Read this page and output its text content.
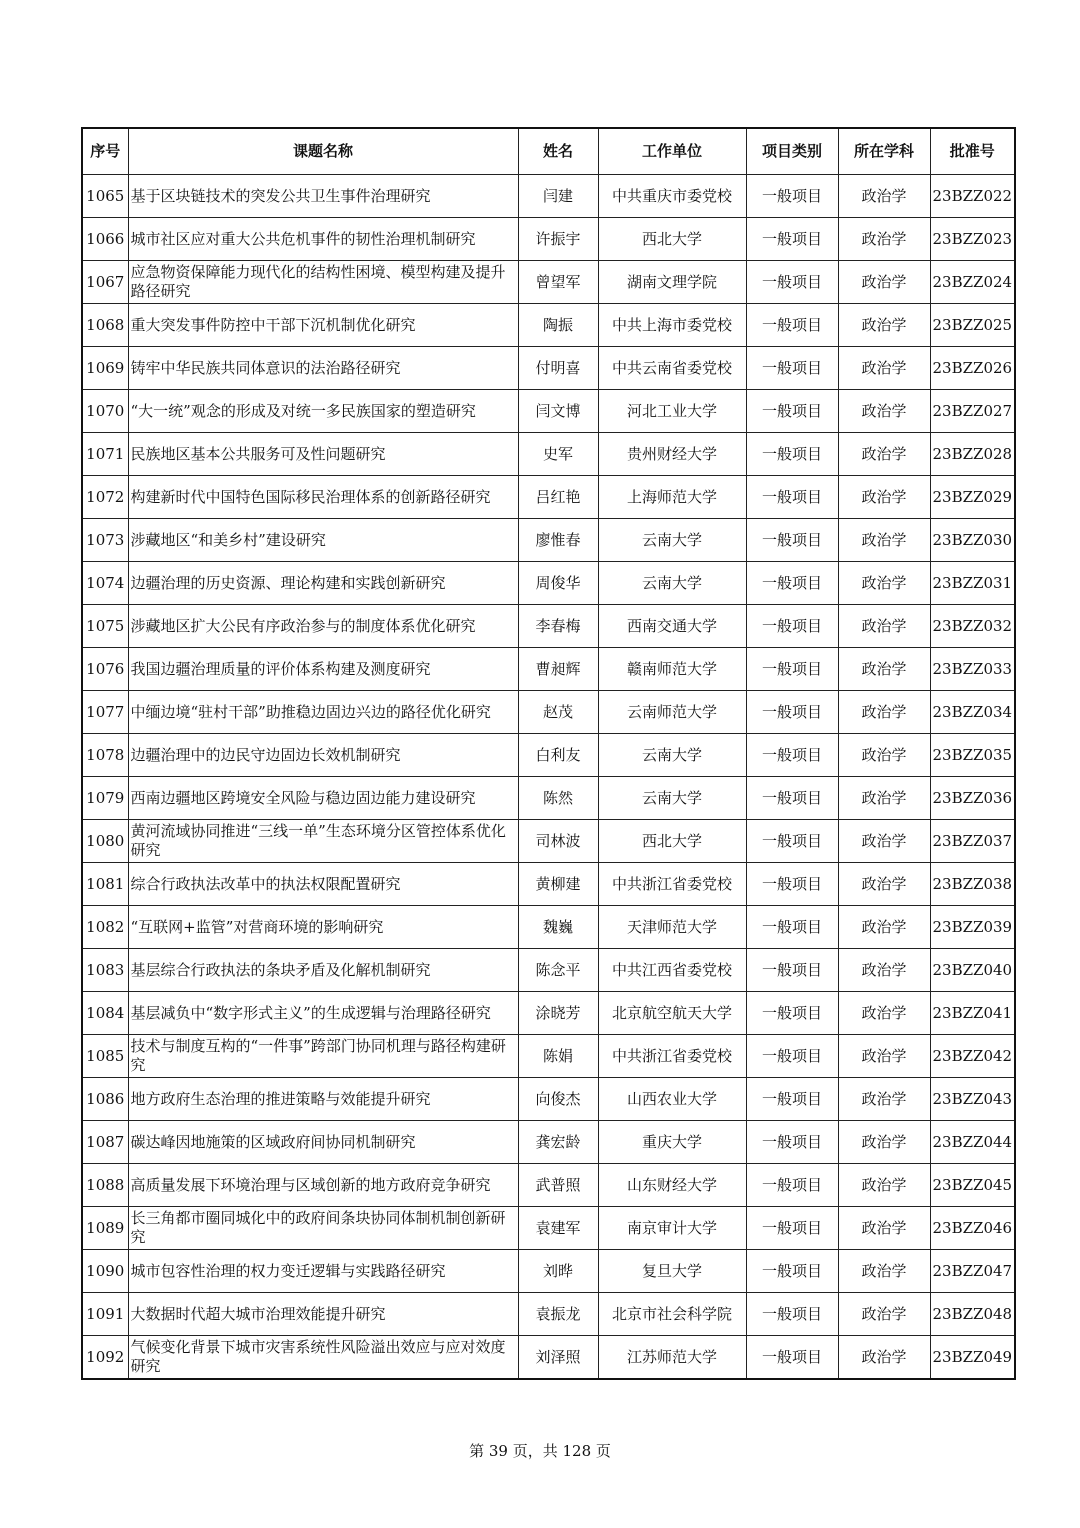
序号	课题名称	姓名	工作单位	项目类别	所在学科	批准号
1065	基于区块链技术的突发公共卫生事件治理研究	闫建	中共重庆市委党校	一般项目	政治学	23BZZ022
1066	城市社区应对重大公共危机事件的韧性治理机制研究	许振宇	西北大学	一般项目	政治学	23BZZ023
1067	应急物资保障能力现代化的结构性困境、模型构建及提升路径研究	曾望军	湖南文理学院	一般项目	政治学	23BZZ024
1068	重大突发事件防控中干部下沉机制优化研究	陶振	中共上海市委党校	一般项目	政治学	23BZZ025
1069	铸牢中华民族共同体意识的法治路径研究	付明喜	中共云南省委党校	一般项目	政治学	23BZZ026
1070	“大一统”观念的形成及对统一多民族国家的塑造研究	闫文博	河北工业大学	一般项目	政治学	23BZZ027
1071	民族地区基本公共服务可及性问题研究	史军	贵州财经大学	一般项目	政治学	23BZZ028
1072	构建新时代中国特色国际移民治理体系的创新路径研究	吕红艳	上海师范大学	一般项目	政治学	23BZZ029
1073	涉藏地区“和美乡村”建设研究	廖惟春	云南大学	一般项目	政治学	23BZZ030
1074	边疆治理的历史资源、理论构建和实践创新研究	周俊华	云南大学	一般项目	政治学	23BZZ031
1075	涉藏地区扩大公民有序政治参与的制度体系优化研究	李春梅	西南交通大学	一般项目	政治学	23BZZ032
1076	我国边疆治理质量的评价体系构建及测度研究	曹昶辉	赣南师范大学	一般项目	政治学	23BZZ033
1077	中缅边境“驻村干部”助推稳边固边兴边的路径优化研究	赵茂	云南师范大学	一般项目	政治学	23BZZ034
1078	边疆治理中的边民守边固边长效机制研究	白利友	云南大学	一般项目	政治学	23BZZ035
1079	西南边疆地区跨境安全风险与稳边固边能力建设研究	陈然	云南大学	一般项目	政治学	23BZZ036
1080	黄河流域协同推进“三线一单”生态环境分区管控体系优化研究	司林波	西北大学	一般项目	政治学	23BZZ037
1081	综合行政执法改革中的执法权限配置研究	黄柳建	中共浙江省委党校	一般项目	政治学	23BZZ038
1082	“互联网+监管”对营商环境的影响研究	魏巍	天津师范大学	一般项目	政治学	23BZZ039
1083	基层综合行政执法的条块矛盾及化解机制研究	陈念平	中共江西省委党校	一般项目	政治学	23BZZ040
1084	基层减负中“数字形式主义”的生成逻辑与治理路径研究	涂晓芳	北京航空航天大学	一般项目	政治学	23BZZ041
1085	技术与制度互构的“一件事”跨部门协同机理与路径构建研究	陈娟	中共浙江省委党校	一般项目	政治学	23BZZ042
1086	地方政府生态治理的推进策略与效能提升研究	向俊杰	山西农业大学	一般项目	政治学	23BZZ043
1087	碳达峰因地施策的区域政府间协同机制研究	龚宏龄	重庆大学	一般项目	政治学	23BZZ044
1088	高质量发展下环境治理与区域创新的地方政府竞争研究	武普照	山东财经大学	一般项目	政治学	23BZZ045
1089	长三角都市圈同城化中的政府间条块协同体制机制创新研究	袁建军	南京审计大学	一般项目	政治学	23BZZ046
1090	城市包容性治理的权力变迁逻辑与实践路径研究	刘晔	复旦大学	一般项目	政治学	23BZZ047
1091	大数据时代超大城市治理效能提升研究	袁振龙	北京市社会科学院	一般项目	政治学	23BZZ048
1092	气候变化背景下城市灾害系统性风险溢出效应与应对效度研究	刘泽照	江苏师范大学	一般项目	政治学	23BZZ049
第 39 页，共 128 页
